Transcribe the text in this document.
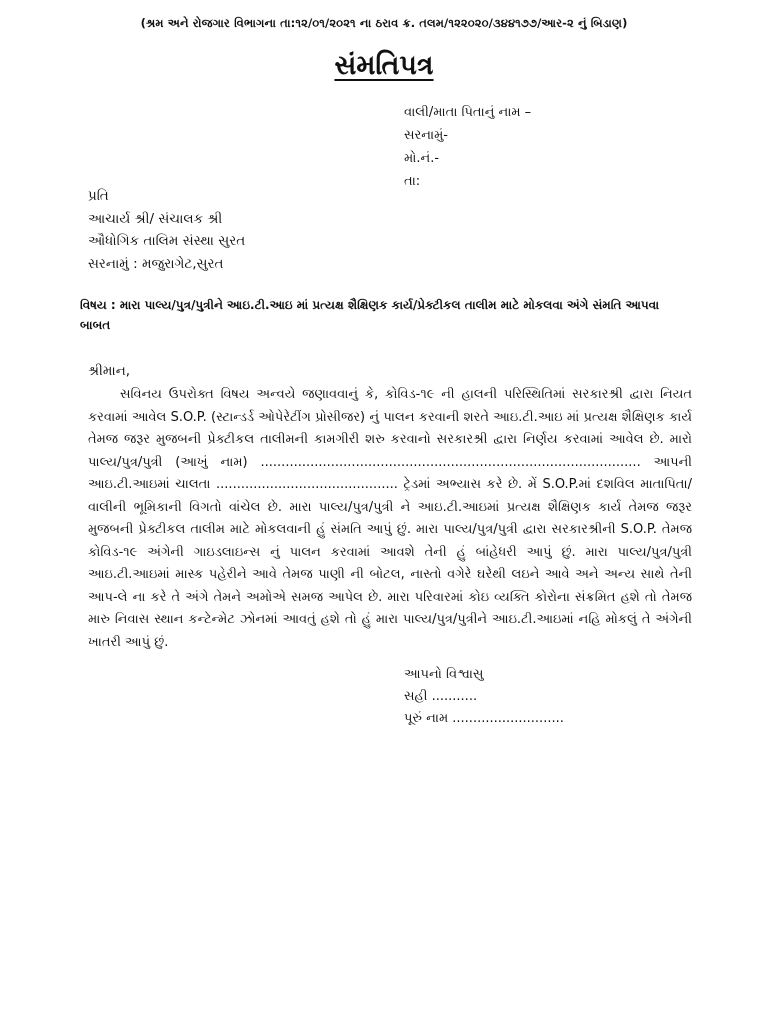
(શ્રમ અને રોજગાર વિભાગના તા:૧૨/૦૧/૨૦૨૧ ના ઠરાવ ક્ર. તલમ/૧૨૨૦૨૦/૩૪૪૧૭૭/આર-૨ નું બિડાણ)
સંમતિપત્ર
વાલી/માતા પિતાનું નામ –
સરનામું-
મો.નં.-
તા:
પ્રતિ
આચાર્ય શ્રી/ સંચાલક શ્રી
ઔધોગિક તાલિમ સંસ્થા સુરત
સરનામું : મજુરાગેટ,સુરત
વિષય : મારા પાલ્ય/પુત્ર/પુત્રીને આઇ.ટી.આઇ માં પ્રત્યક્ષ શૈક્ષિણક કાર્ય/પ્રેક્ટીકલ તાલીમ માટે મોકલવા અંગે સંમતિ આપવા બાબત
શ્રીમાન,
સવિનય ઉપરોક્ત વિષય અન્વયે જણાવવાનું કે, કોવિડ-૧૯ ની હાલની પરિસ્થિતિમાં સરકારશ્રી દ્વારા નિયત કરવામાં આવેલ S.O.P. (સ્ટાન્ડર્ડ ઓપેરેટીંગ પ્રોસીજર) નું પાલન કરવાની શરતે આઇ.ટી.આઇ માં પ્રત્યક્ષ શૈક્ષિણક કાર્ય તેમજ જરૂર મુજબની પ્રેક્ટીકલ તાલીમની કામગીરી શરુ કરવાનો સરકારશ્રી દ્વારા નિર્ણય કરવામાં આવેલ છે. મારો પાલ્ય/પુત્ર/પુત્રી (આખું નામ) ............................................................................................ આપની આઇ.ટી.આઇમાં ચાલતા ............................................ ટ્રેડમાં અભ્યાસ કરે છે. મેં S.O.P.માં દશવિલ માતાપિતા/વાલીની ભૂમિકાની વિગતો વાંચેલ છે. મારા પાલ્ય/પુત્ર/પુત્રી ને આઇ.ટી.આઇમાં પ્રત્યક્ષ શૈક્ષિણક કાર્ય તેમજ જરૂર મુજબની પ્રેક્ટીકલ તાલીમ માટે મોકલવાની હું સંમતિ આપું છું. મારા પાલ્ય/પુત્ર/પુત્રી દ્વારા સરકારશ્રીની S.O.P. તેમજ કોવિડ-૧૯ અંગેની ગાઇડલાઇન્સ નું પાલન કરવામાં આવશે તેની હું બાંહેધરી આપું છું. મારા પાલ્ય/પુત્ર/પુત્રી આઇ.ટી.આઇમાં માસ્ક પહેરીને આવે તેમજ પાણી ની બોટલ, નાસ્તો વગેરે ઘરેથી લઇને આવે અને અન્ય સાથે તેની આપ-લે ના કરે તે અંગે તેમને અમોએ સમજ આપેલ છે. મારા પરિવારમાં કોઇ વ્યક્તિ કોરોના સંક્રમિત હશે તો તેમજ મારુ નિવાસ સ્થાન કન્ટેન્મેટ ઝોનમાં આવતું હશે તો હું મારા પાલ્ય/પુત્ર/પુત્રીને આઇ.ટી.આઇમાં નહિ મોકલું તે અંગેની ખાતરી આપું છું.
આપનો વિશ્વાસુ
સહી ...........
પૂરું નામ ...........................
